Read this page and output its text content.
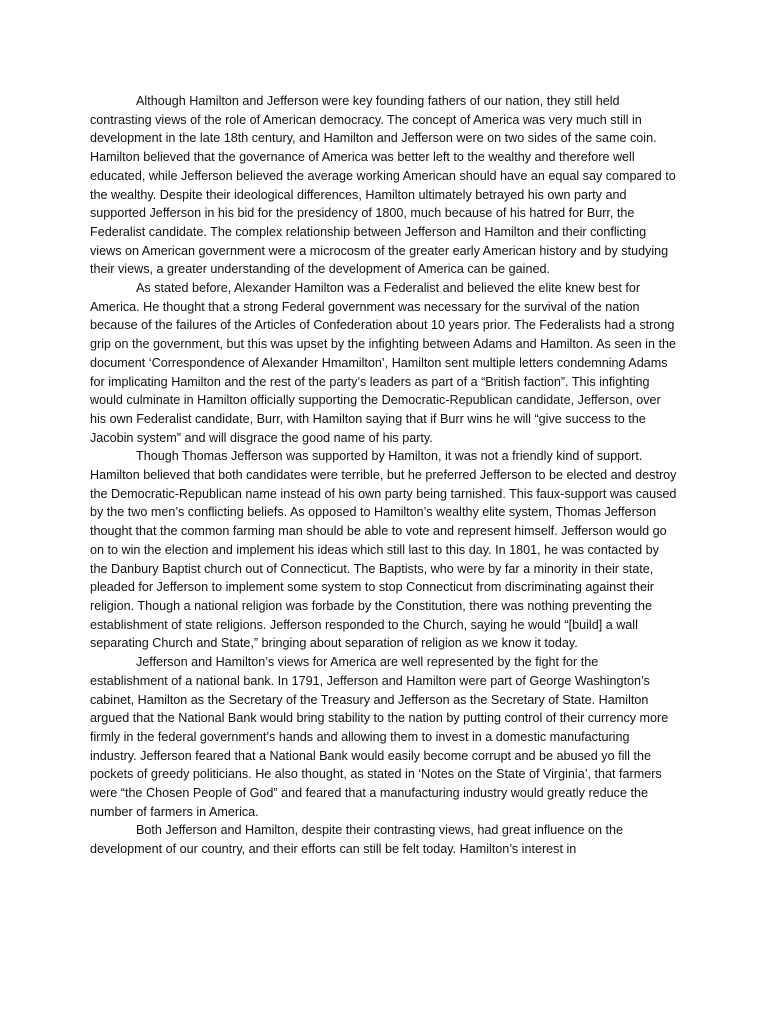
Although Hamilton and Jefferson were key founding fathers of our nation, they still held contrasting views of the role of American democracy. The concept of America was very much still in development in the late 18th century, and Hamilton and Jefferson were on two sides of the same coin. Hamilton believed that the governance of America was better left to the wealthy and therefore well educated, while Jefferson believed the average working American should have an equal say compared to the wealthy. Despite their ideological differences, Hamilton ultimately betrayed his own party and supported Jefferson in his bid for the presidency of 1800, much because of his hatred for Burr, the Federalist candidate. The complex relationship between Jefferson and Hamilton and their conflicting views on American government were a microcosm of the greater early American history and by studying their views, a greater understanding of the development of America can be gained.

As stated before, Alexander Hamilton was a Federalist and believed the elite knew best for America. He thought that a strong Federal government was necessary for the survival of the nation because of the failures of the Articles of Confederation about 10 years prior. The Federalists had a strong grip on the government, but this was upset by the infighting between Adams and Hamilton. As seen in the document ‘Correspondence of Alexander Hmamilton’, Hamilton sent multiple letters condemning Adams for implicating Hamilton and the rest of the party’s leaders as part of a “British faction”. This infighting would culminate in Hamilton officially supporting the Democratic-Republican candidate, Jefferson, over his own Federalist candidate, Burr, with Hamilton saying that if Burr wins he will “give success to the Jacobin system” and will disgrace the good name of his party.

Though Thomas Jefferson was supported by Hamilton, it was not a friendly kind of support. Hamilton believed that both candidates were terrible, but he preferred Jefferson to be elected and destroy the Democratic-Republican name instead of his own party being tarnished. This faux-support was caused by the two men’s conflicting beliefs. As opposed to Hamilton’s wealthy elite system, Thomas Jefferson thought that the common farming man should be able to vote and represent himself. Jefferson would go on to win the election and implement his ideas which still last to this day. In 1801, he was contacted by the Danbury Baptist church out of Connecticut. The Baptists, who were by far a minority in their state, pleaded for Jefferson to implement some system to stop Connecticut from discriminating against their religion. Though a national religion was forbade by the Constitution, there was nothing preventing the establishment of state religions. Jefferson responded to the Church, saying he would “[build] a wall separating Church and State,” bringing about separation of religion as we know it today.

Jefferson and Hamilton’s views for America are well represented by the fight for the establishment of a national bank. In 1791, Jefferson and Hamilton were part of George Washington’s cabinet, Hamilton as the Secretary of the Treasury and Jefferson as the Secretary of State. Hamilton argued that the National Bank would bring stability to the nation by putting control of their currency more firmly in the federal government’s hands and allowing them to invest in a domestic manufacturing industry. Jefferson feared that a National Bank would easily become corrupt and be abused yo fill the pockets of greedy politicians. He also thought, as stated in ‘Notes on the State of Virginia’, that farmers were “the Chosen People of God” and feared that a manufacturing industry would greatly reduce the number of farmers in America.

Both Jefferson and Hamilton, despite their contrasting views, had great influence on the development of our country, and their efforts can still be felt today. Hamilton’s interest in
